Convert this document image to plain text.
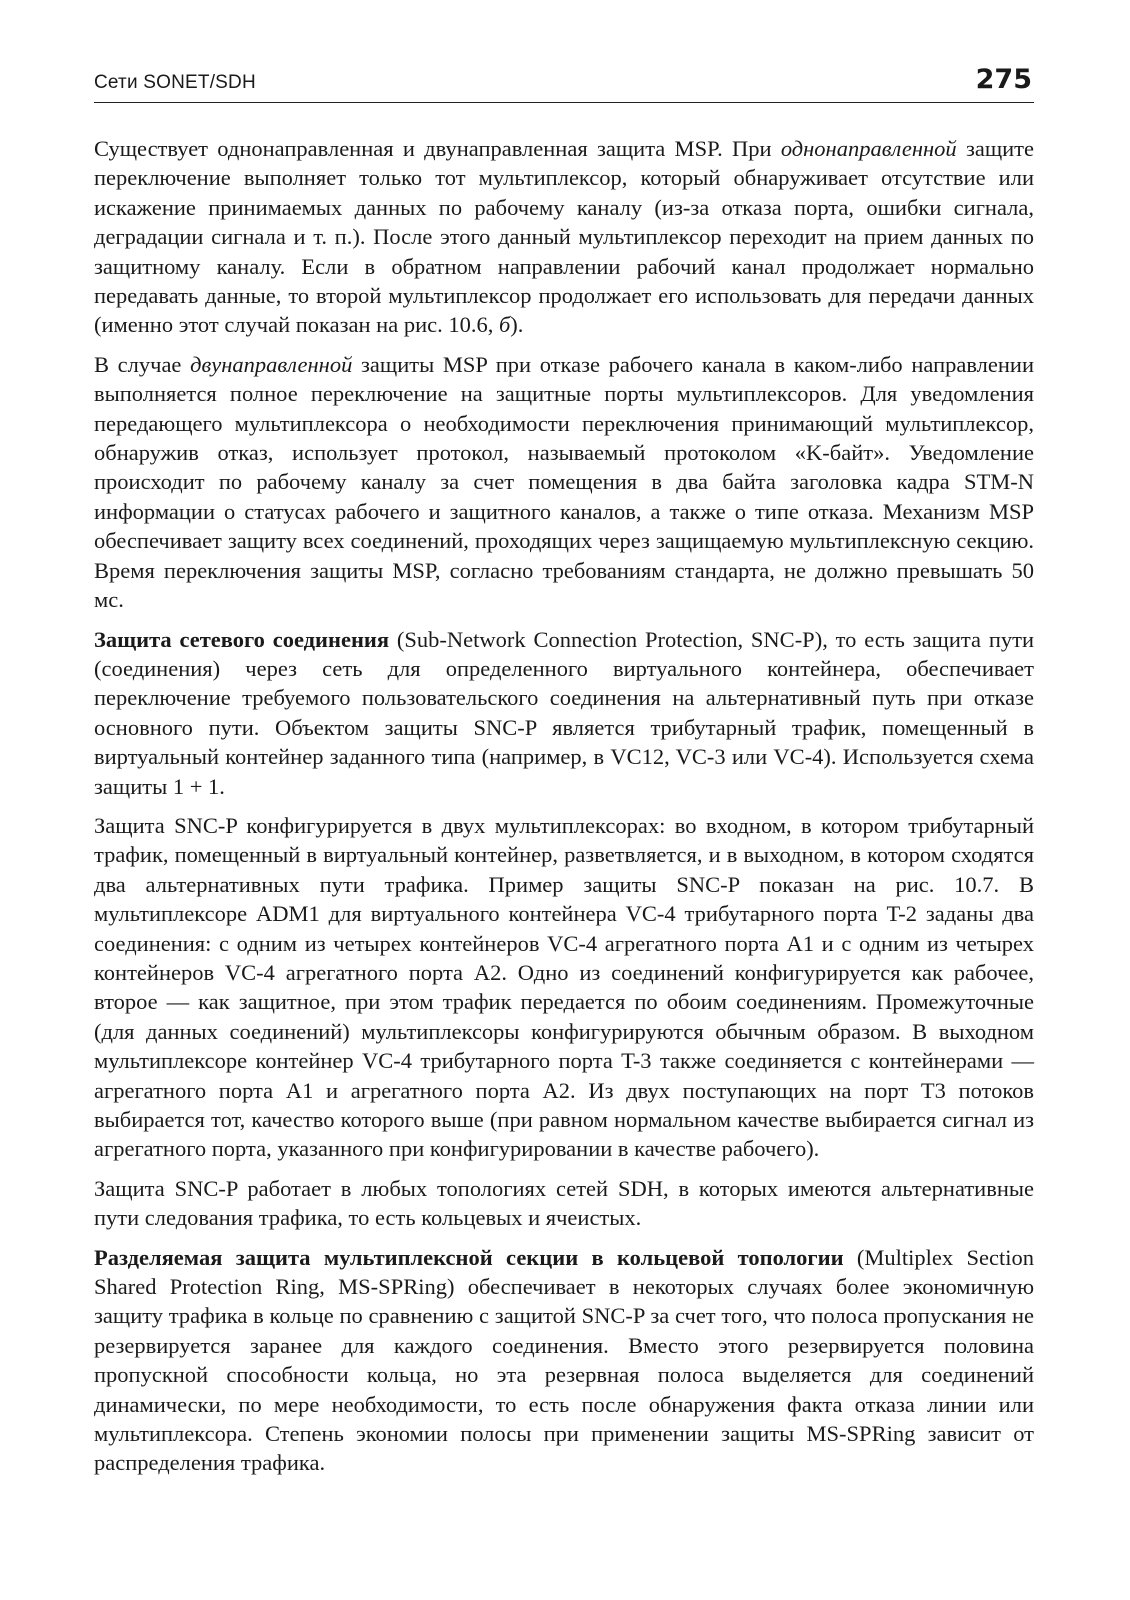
Сети SONET/SDH	275

Существует однонаправленная и двунаправленная защита MSP. При однонаправленной защите переключение выполняет только тот мультиплексор, который обнаруживает отсутствие или искажение принимаемых данных по рабочему каналу (из-за отказа порта, ошибки сигнала, деградации сигнала и т. п.). После этого данный мультиплексор переходит на прием данных по защитному каналу. Если в обратном направлении рабочий канал продолжает нормально передавать данные, то второй мультиплексор продолжает его использовать для передачи данных (именно этот случай показан на рис. 10.6, б).

В случае двунаправленной защиты MSP при отказе рабочего канала в каком-либо направлении выполняется полное переключение на защитные порты мультиплексоров. Для уведомления передающего мультиплексора о необходимости переключения принимающий мультиплексор, обнаружив отказ, использует протокол, называемый протоколом «K-байт». Уведомление происходит по рабочему каналу за счет помещения в два байта заголовка кадра STM-N информации о статусах рабочего и защитного каналов, а также о типе отказа. Механизм MSP обеспечивает защиту всех соединений, проходящих через защищаемую мультиплексную секцию. Время переключения защиты MSP, согласно требованиям стандарта, не должно превышать 50 мс.

Защита сетевого соединения (Sub-Network Connection Protection, SNC-P), то есть защита пути (соединения) через сеть для определенного виртуального контейнера, обеспечивает переключение требуемого пользовательского соединения на альтернативный путь при отказе основного пути. Объектом защиты SNC-P является трибутарный трафик, помещенный в виртуальный контейнер заданного типа (например, в VC12, VC-3 или VC-4). Используется схема защиты 1 + 1.

Защита SNC-P конфигурируется в двух мультиплексорах: во входном, в котором трибутарный трафик, помещенный в виртуальный контейнер, разветвляется, и в выходном, в котором сходятся два альтернативных пути трафика. Пример защиты SNC-P показан на рис. 10.7. В мультиплексоре ADM1 для виртуального контейнера VC-4 трибутарного порта T-2 заданы два соединения: с одним из четырех контейнеров VC-4 агрегатного порта A1 и с одним из четырех контейнеров VC-4 агрегатного порта A2. Одно из соединений конфигурируется как рабочее, второе — как защитное, при этом трафик передается по обоим соединениям. Промежуточные (для данных соединений) мультиплексоры конфигурируются обычным образом. В выходном мультиплексоре контейнер VC-4 трибутарного порта T-3 также соединяется с контейнерами — агрегатного порта A1 и агрегатного порта A2. Из двух поступающих на порт T3 потоков выбирается тот, качество которого выше (при равном нормальном качестве выбирается сигнал из агрегатного порта, указанного при конфигурировании в качестве рабочего).

Защита SNC-P работает в любых топологиях сетей SDH, в которых имеются альтернативные пути следования трафика, то есть кольцевых и ячеистых.

Разделяемая защита мультиплексной секции в кольцевой топологии (Multiplex Section Shared Protection Ring, MS-SPRing) обеспечивает в некоторых случаях более экономичную защиту трафика в кольце по сравнению с защитой SNC-P за счет того, что полоса пропускания не резервируется заранее для каждого соединения. Вместо этого резервируется половина пропускной способности кольца, но эта резервная полоса выделяется для соединений динамически, по мере необходимости, то есть после обнаружения факта отказа линии или мультиплексора. Степень экономии полосы при применении защиты MS-SPRing зависит от распределения трафика.
